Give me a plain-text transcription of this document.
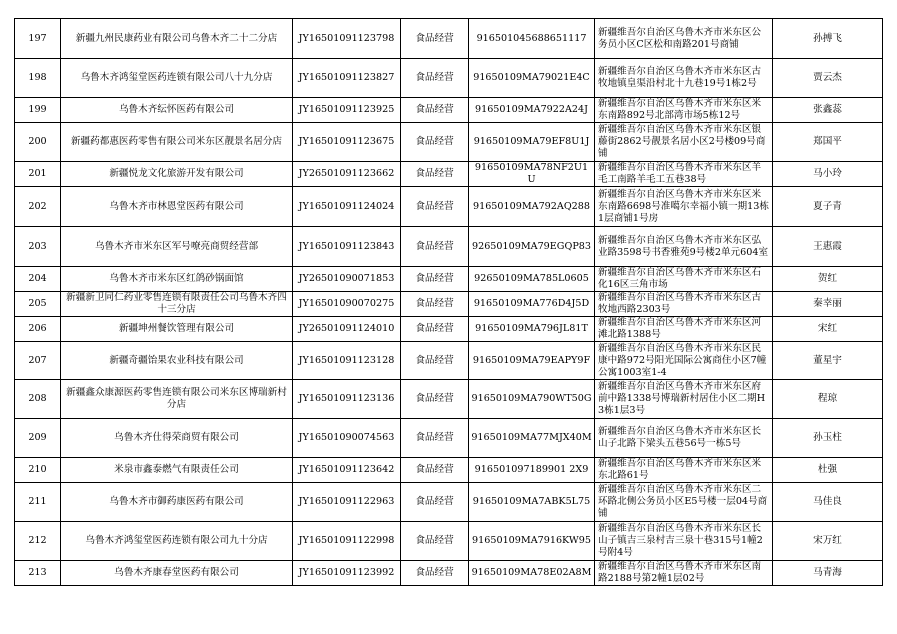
197	新疆九州民康药业有限公司乌鲁木齐二十二分店	JY16501091123798	食品经营	916501045688651117	新疆维吾尔自治区乌鲁木齐市米东区公务员小区C区松和南路201号商铺	孙搏飞
198	乌鲁木齐鸿玺堂医药连锁有限公司八十九分店	JY16501091123827	食品经营	91650109MA79021E4C	新疆维吾尔自治区乌鲁木齐市米东区古牧地镇皇渠沿村北十九巷19号1栋2号	贾云杰
199	乌鲁木齐纭怀医药有限公司	JY16501091123925	食品经营	91650109MA7922A24J	新疆维吾尔自治区乌鲁木齐市米东区米东南路892号北部湾市场5栋12号	张鑫蕊
200	新疆药都惠医药零售有限公司米东区靓景名居分店	JY16501091123675	食品经营	91650109MA79EF8U1J	新疆维吾尔自治区乌鲁木齐市米东区银藤街2862号靓景名居小区2号楼09号商铺	郑国平
201	新疆悦龙文化旅游开发有限公司	JY26501091123662	食品经营	91650109MA78NF2U1U	新疆维吾尔自治区乌鲁木齐市米东区羊毛工南路羊毛工五巷38号	马小玲
202	乌鲁木齐市林恩堂医药有限公司	JY16501091124024	食品经营	91650109MA792AQ288	新疆维吾尔自治区乌鲁木齐市米东区米东南路6698号准噶尔幸福小镇一期13栋1层商铺1号房	夏子青
203	乌鲁木齐市米东区军号嘹亮商贸经营部	JY16501091123843	食品经营	92650109MA79EGQP83	新疆维吾尔自治区乌鲁木齐市米东区弘业路3598号书香雅苑9号楼2单元604室	王惠霞
204	乌鲁木齐市米东区红鸽砂锅面馆	JY26501090071853	食品经营	92650109MA785L0605	新疆维吾尔自治区乌鲁木齐市米东区石化16区三角市场	贺红
205	新疆新卫同仁药业零售连锁有限责任公司乌鲁木齐四十三分店	JY16501090070275	食品经营	91650109MA776D4J5D	新疆维吾尔自治区乌鲁木齐市米东区古牧地西路2303号	秦幸丽
206	新疆坤州餐饮管理有限公司	JY26501091124010	食品经营	91650109MA796JL81T	新疆维吾尔自治区乌鲁木齐市米东区河滩北路1388号	宋红
207	新疆奇疆饴果农业科技有限公司	JY16501091123128	食品经营	91650109MA79EAPY9F	新疆维吾尔自治区乌鲁木齐市米东区民康中路972号阳光国际公寓商住小区7幢公寓1003室1-4	董星宇
208	新疆鑫众康源医药零售连锁有限公司米东区博瑞新村分店	JY16501091123136	食品经营	91650109MA790WT50G	新疆维吾尔自治区乌鲁木齐市米东区府前中路1338号博瑞新村居住小区二期H3栋1层3号	程琼
209	乌鲁木齐仕得荣商贸有限公司	JY16501090074563	食品经营	91650109MA77MJX40M	新疆维吾尔自治区乌鲁木齐市米东区长山子北路下梁头五巷56号一栋5号	孙玉柱
210	米泉市鑫泰燃气有限责任公司	JY16501091123642	食品经营	916501097189901 2X9	新疆维吾尔自治区乌鲁木齐市米东区米东北路61号	杜强
211	乌鲁木齐市御药康医药有限公司	JY16501091122963	食品经营	91650109MA7ABK5L75	新疆维吾尔自治区乌鲁木齐市米东区二环路北侧公务员小区E5号楼一层04号商铺	马佳良
212	乌鲁木齐鸿玺堂医药连锁有限公司九十分店	JY16501091122998	食品经营	91650109MA7916KW95	新疆维吾尔自治区乌鲁木齐市米东区长山子镇吉三泉村吉三泉十巷315号1幢2号附4号	宋万红
213	乌鲁木齐康春堂医药有限公司	JY16501091123992	食品经营	91650109MA78E02A8M	新疆维吾尔自治区乌鲁木齐市米东区南路2188号第2幢1层02号	马青海
